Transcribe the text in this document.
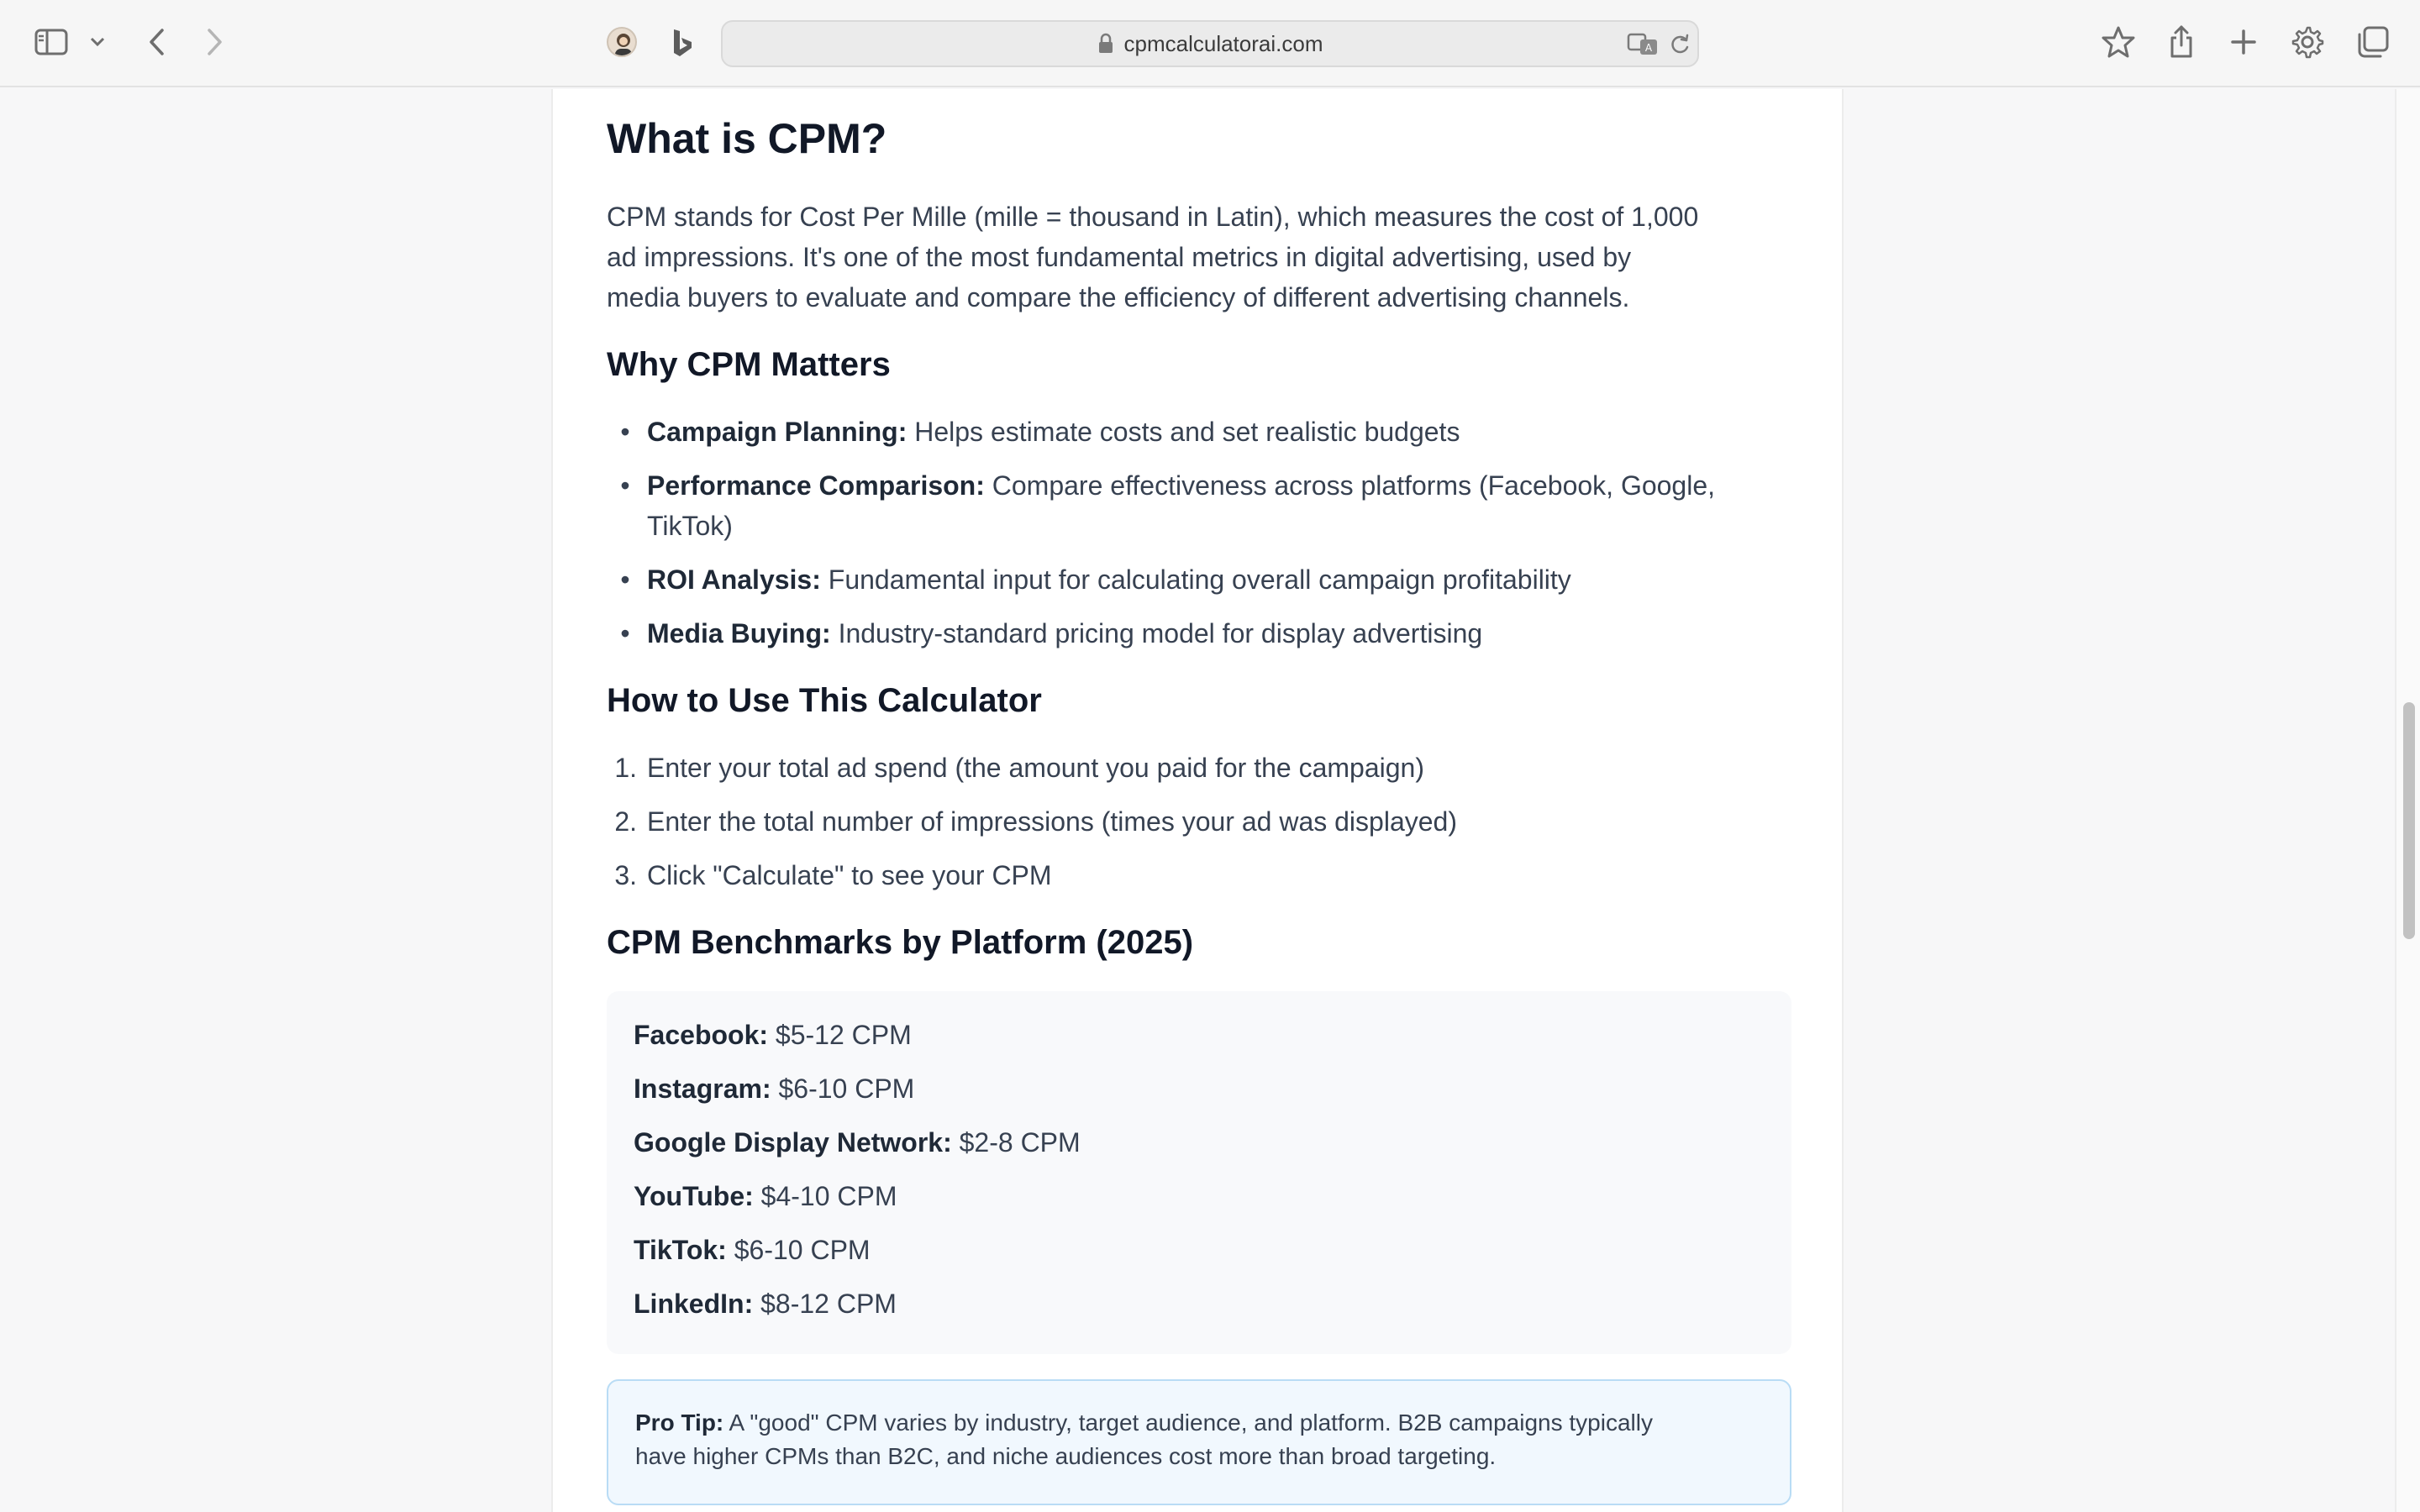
cpmcalculatorai.com	A
What is CPM?
CPM stands for Cost Per Mille (mille = thousand in Latin), which measures the cost of 1,000
ad impressions. It's one of the most fundamental metrics in digital advertising, used by
media buyers to evaluate and compare the efficiency of different advertising channels.
Why CPM Matters
• Campaign Planning: Helps estimate costs and set realistic budgets
• Performance Comparison: Compare effectiveness across platforms (Facebook, Google,
TikTok)
• ROI Analysis: Fundamental input for calculating overall campaign profitability
• Media Buying: Industry-standard pricing model for display advertising
How to Use This Calculator
1. Enter your total ad spend (the amount you paid for the campaign)
2. Enter the total number of impressions (times your ad was displayed)
3. Click "Calculate" to see your CPM
CPM Benchmarks by Platform (2025)
Facebook: $5-12 CPM
Instagram: $6-10 CPM
Google Display Network: $2-8 CPM
YouTube: $4-10 CPM
TikTok: $6-10 CPM
LinkedIn: $8-12 CPM
Pro Tip: A "good" CPM varies by industry, target audience, and platform. B2B campaigns typically
have higher CPMs than B2C, and niche audiences cost more than broad targeting.
